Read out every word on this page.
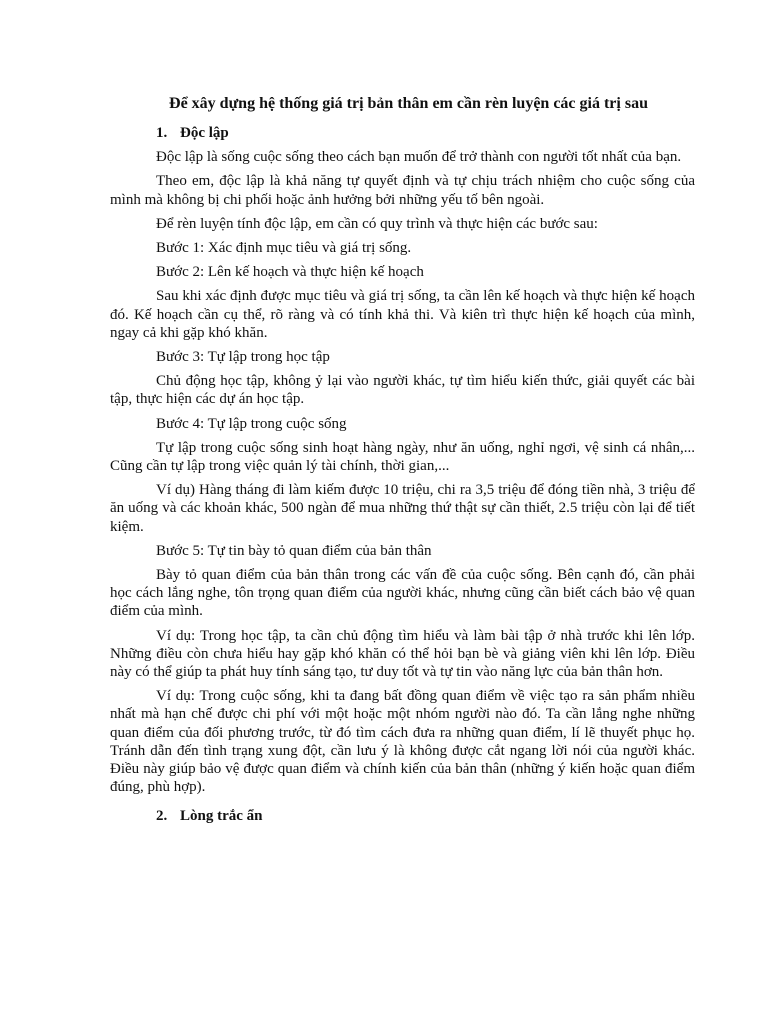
Để xây dựng hệ thống giá trị bản thân em cần rèn luyện các giá trị sau
1. Độc lập

Độc lập là sống cuộc sống theo cách bạn muốn để trở thành con người tốt nhất của bạn.

Theo em, độc lập là khả năng tự quyết định và tự chịu trách nhiệm cho cuộc sống của mình mà không bị chi phối hoặc ảnh hưởng bởi những yếu tố bên ngoài.

Để rèn luyện tính độc lập, em cần có quy trình và thực hiện các bước sau:

Bước 1: Xác định mục tiêu và giá trị sống.

Bước 2: Lên kế hoạch và thực hiện kế hoạch

Sau khi xác định được mục tiêu và giá trị sống, ta cần lên kế hoạch và thực hiện kế hoạch đó. Kế hoạch cần cụ thể, rõ ràng và có tính khả thi. Và kiên trì thực hiện kế hoạch của mình, ngay cả khi gặp khó khăn.

Bước 3: Tự lập trong học tập

Chủ động học tập, không ỷ lại vào người khác, tự tìm hiểu kiến thức, giải quyết các bài tập, thực hiện các dự án học tập.

Bước 4: Tự lập trong cuộc sống

Tự lập trong cuộc sống sinh hoạt hàng ngày, như ăn uống, nghỉ ngơi, vệ sinh cá nhân,... Cũng cần tự lập trong việc quản lý tài chính, thời gian,...

Ví dụ) Hàng tháng đi làm kiếm được 10 triệu, chi ra 3,5 triệu để đóng tiền nhà, 3 triệu để ăn uống và các khoản khác, 500 ngàn để mua những thứ thật sự cần thiết, 2.5 triệu còn lại để tiết kiệm.

Bước 5: Tự tin bày tỏ quan điểm của bản thân

Bày tỏ quan điểm của bản thân trong các vấn đề của cuộc sống. Bên cạnh đó, cần phải học cách lắng nghe, tôn trọng quan điểm của người khác, nhưng cũng cần biết cách bảo vệ quan điểm của mình.

Ví dụ: Trong học tập, ta cần chủ động tìm hiểu và làm bài tập ở nhà trước khi lên lớp. Những điều còn chưa hiểu hay gặp khó khăn có thể hỏi bạn bè và giảng viên khi lên lớp. Điều này có thể giúp ta phát huy tính sáng tạo, tư duy tốt và tự tin vào năng lực của bản thân hơn.

Ví dụ: Trong cuộc sống, khi ta đang bất đồng quan điểm về việc tạo ra sản phẩm nhiều nhất mà hạn chế được chi phí với một hoặc một nhóm người nào đó. Ta cần lắng nghe những quan điểm của đối phương trước, từ đó tìm cách đưa ra những quan điểm, lí lẽ thuyết phục họ. Tránh dẫn đến tình trạng xung đột, cần lưu ý là không được cắt ngang lời nói của người khác. Điều này giúp bảo vệ được quan điểm và chính kiến của bản thân (những ý kiến hoặc quan điểm đúng, phù hợp).

2. Lòng trắc ẩn
